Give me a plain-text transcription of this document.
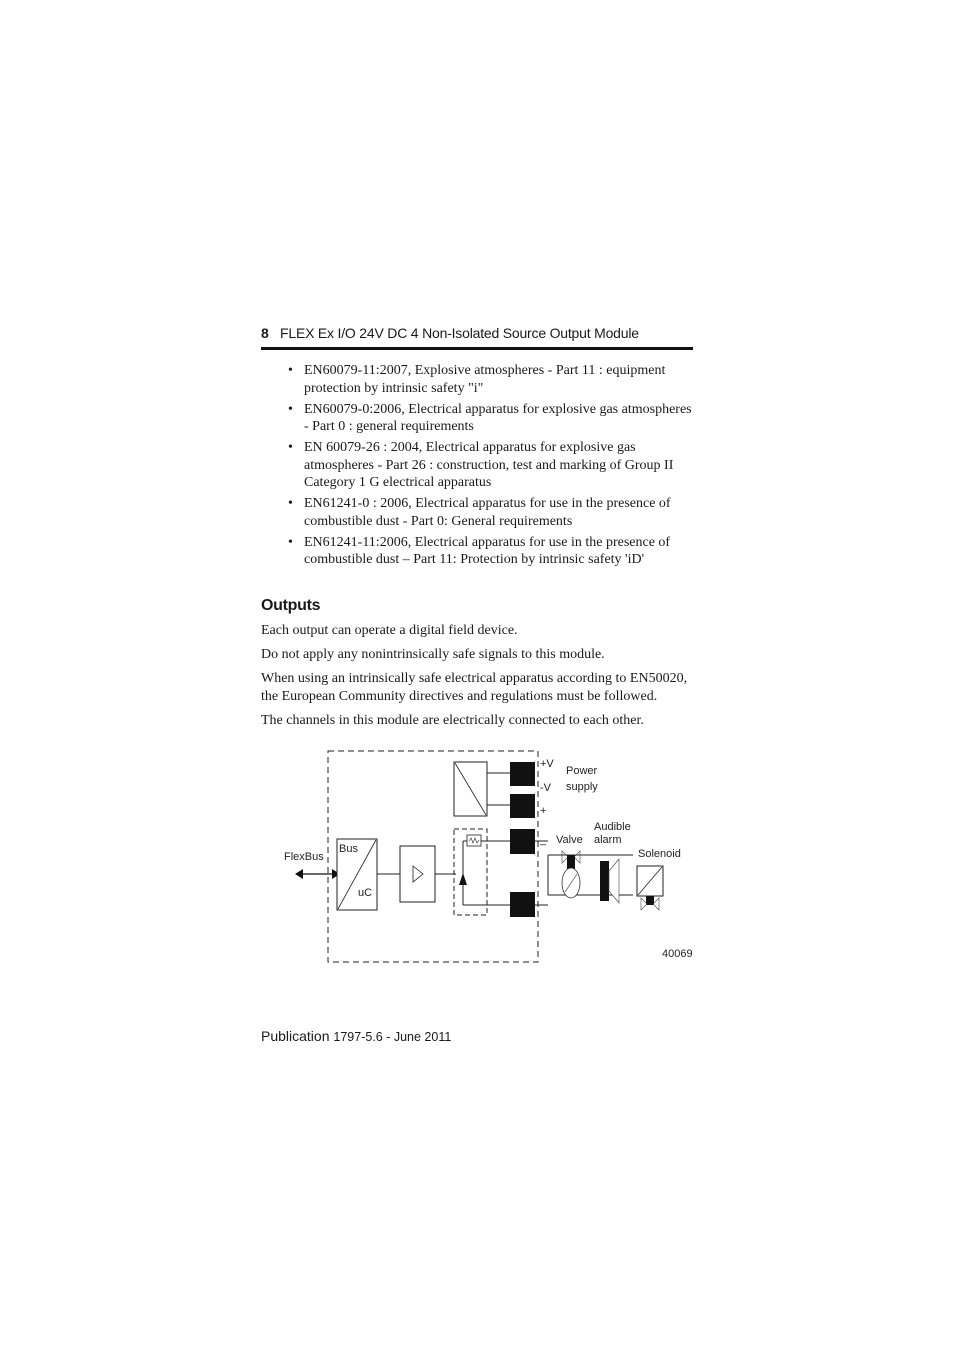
8 FLEX Ex I/O 24V DC 4 Non-Isolated Source Output Module
• EN60079-11:2007, Explosive atmospheres - Part 11 : equipment protection by intrinsic safety "i"
• EN60079-0:2006, Electrical apparatus for explosive gas atmospheres - Part 0 : general requirements
• EN 60079-26 : 2004, Electrical apparatus for explosive gas atmospheres - Part 26 : construction, test and marking of Group II Category 1 G electrical apparatus
• EN61241-0 : 2006, Electrical apparatus for use in the presence of combustible dust - Part 0: General requirements
• EN61241-11:2006, Electrical apparatus for use in the presence of combustible dust – Part 11: Protection by intrinsic safety 'iD'
Outputs

Each output can operate a digital field device.

Do not apply any nonintrinsically safe signals to this module.

When using an intrinsically safe electrical apparatus according to EN50020, the European Community directives and regulations must be followed.

The channels in this module are electrically connected to each other.

FlexBus
Bus
uC
+V
-V
+
_
Power
supply
Valve
Audible
alarm
Solenoid
40069
Publication 1797-5.6 - June 2011
